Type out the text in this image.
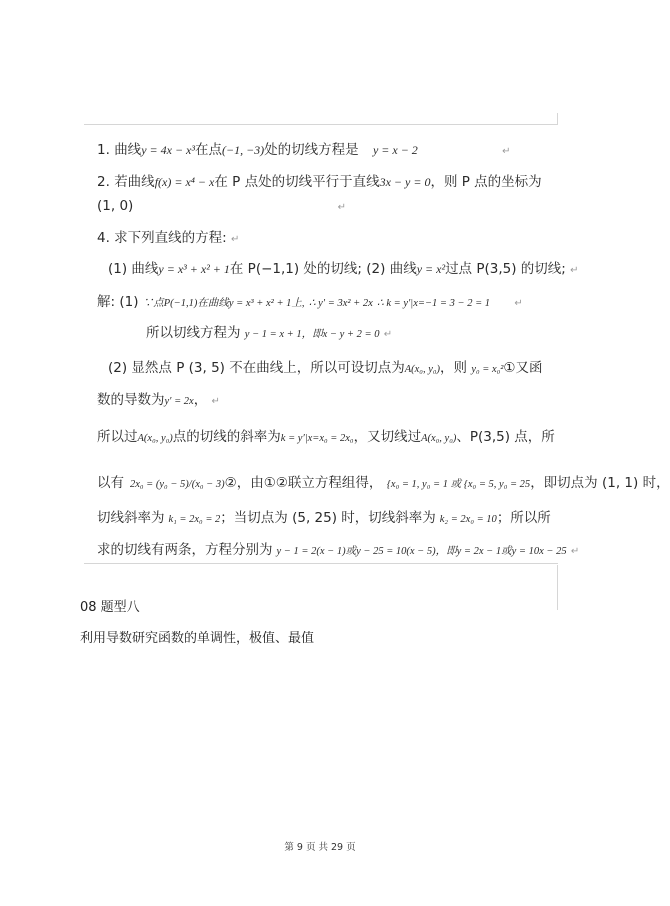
1. 曲线y = 4x − x³在点(−1, −3)处的切线方程是 y = x − 2	↵
2. 若曲线f(x) = x⁴ − x在 P 点处的切线平行于直线3x − y = 0，则 P 点的坐标为
(1, 0)	↵
4. 求下列直线的方程: ↵
(1) 曲线y = x³ + x² + 1在 P(−1,1) 处的切线; (2) 曲线y = x²过点 P(3,5) 的切线; ↵
解: (1) ∵点P(−1,1)在曲线y = x³ + x² + 1上, ∴ y′ = 3x² + 2x ∴ k = y′|x=−1 = 3 − 2 = 1 ↵
所以切线方程为 y − 1 = x + 1，即x − y + 2 = 0 ↵
(2) 显然点 P (3, 5) 不在曲线上，所以可设切点为A(x₀, y₀)，则 y₀ = x₀²①又函
数的导数为y′ = 2x， ↵
所以过A(x₀, y₀)点的切线的斜率为k = y′|x=x₀ = 2x₀，又切线过A(x₀, y₀)、P(3,5) 点，所
以有 2x₀ = (y₀ − 5)/(x₀ − 3)②，由①②联立方程组得， {x₀ = 1, y₀ = 1 或 {x₀ = 5, y₀ = 25，即切点为 (1, 1) 时，
切线斜率为 k₁ = 2x₀ = 2；当切点为 (5, 25) 时，切线斜率为 k₂ = 2x₀ = 10；所以所
求的切线有两条，方程分别为 y − 1 = 2(x − 1)或y − 25 = 10(x − 5)，即y = 2x − 1或y = 10x − 25 ↵
08 题型八
利用导数研究函数的单调性，极值、最值
第 9 页 共 29 页
